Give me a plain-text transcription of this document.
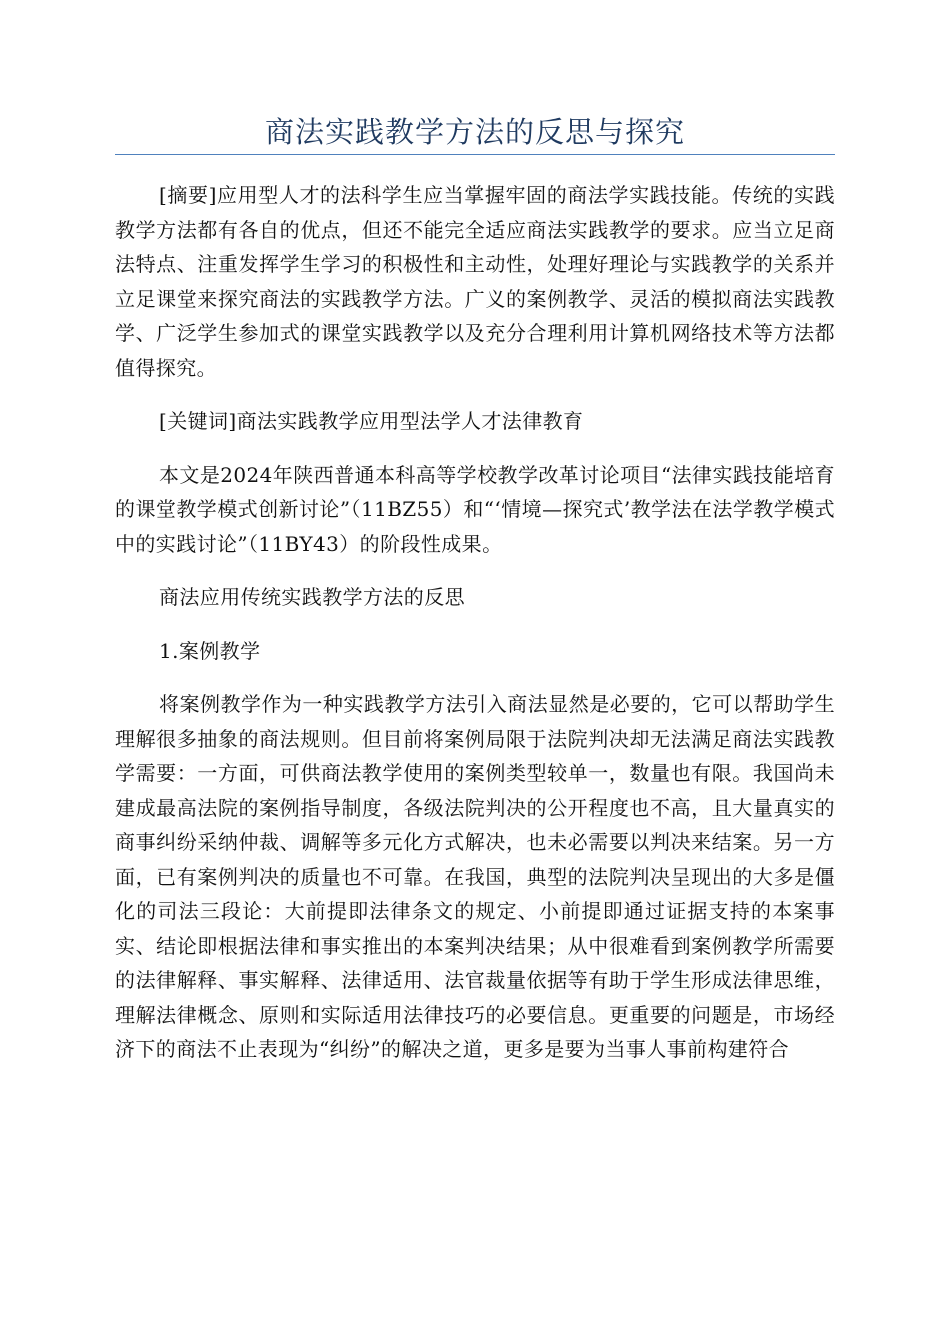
商法实践教学方法的反思与探究

[摘要]应用型人才的法科学生应当掌握牢固的商法学实践技能。传统的实践教学方法都有各自的优点，但还不能完全适应商法实践教学的要求。应当立足商法特点、注重发挥学生学习的积极性和主动性，处理好理论与实践教学的关系并立足课堂来探究商法的实践教学方法。广义的案例教学、灵活的模拟商法实践教学、广泛学生参加式的课堂实践教学以及充分合理利用计算机网络技术等方法都值得探究。

[关键词]商法实践教学应用型法学人才法律教育

本文是2024年陕西普通本科高等学校教学改革讨论项目“法律实践技能培育的课堂教学模式创新讨论”（11BZ55）和“‘情境—探究式’教学法在法学教学模式中的实践讨论”（11BY43）的阶段性成果。

商法应用传统实践教学方法的反思

1.案例教学

将案例教学作为一种实践教学方法引入商法显然是必要的，它可以帮助学生理解很多抽象的商法规则。但目前将案例局限于法院判决却无法满足商法实践教学需要：一方面，可供商法教学使用的案例类型较单一，数量也有限。我国尚未建成最高法院的案例指导制度，各级法院判决的公开程度也不高，且大量真实的商事纠纷采纳仲裁、调解等多元化方式解决，也未必需要以判决来结案。另一方面，已有案例判决的质量也不可靠。在我国，典型的法院判决呈现出的大多是僵化的司法三段论：大前提即法律条文的规定、小前提即通过证据支持的本案事实、结论即根据法律和事实推出的本案判决结果；从中很难看到案例教学所需要的法律解释、事实解释、法律适用、法官裁量依据等有助于学生形成法律思维，理解法律概念、原则和实际适用法律技巧的必要信息。更重要的问题是，市场经济下的商法不止表现为“纠纷”的解决之道，更多是要为当事人事前构建符合
